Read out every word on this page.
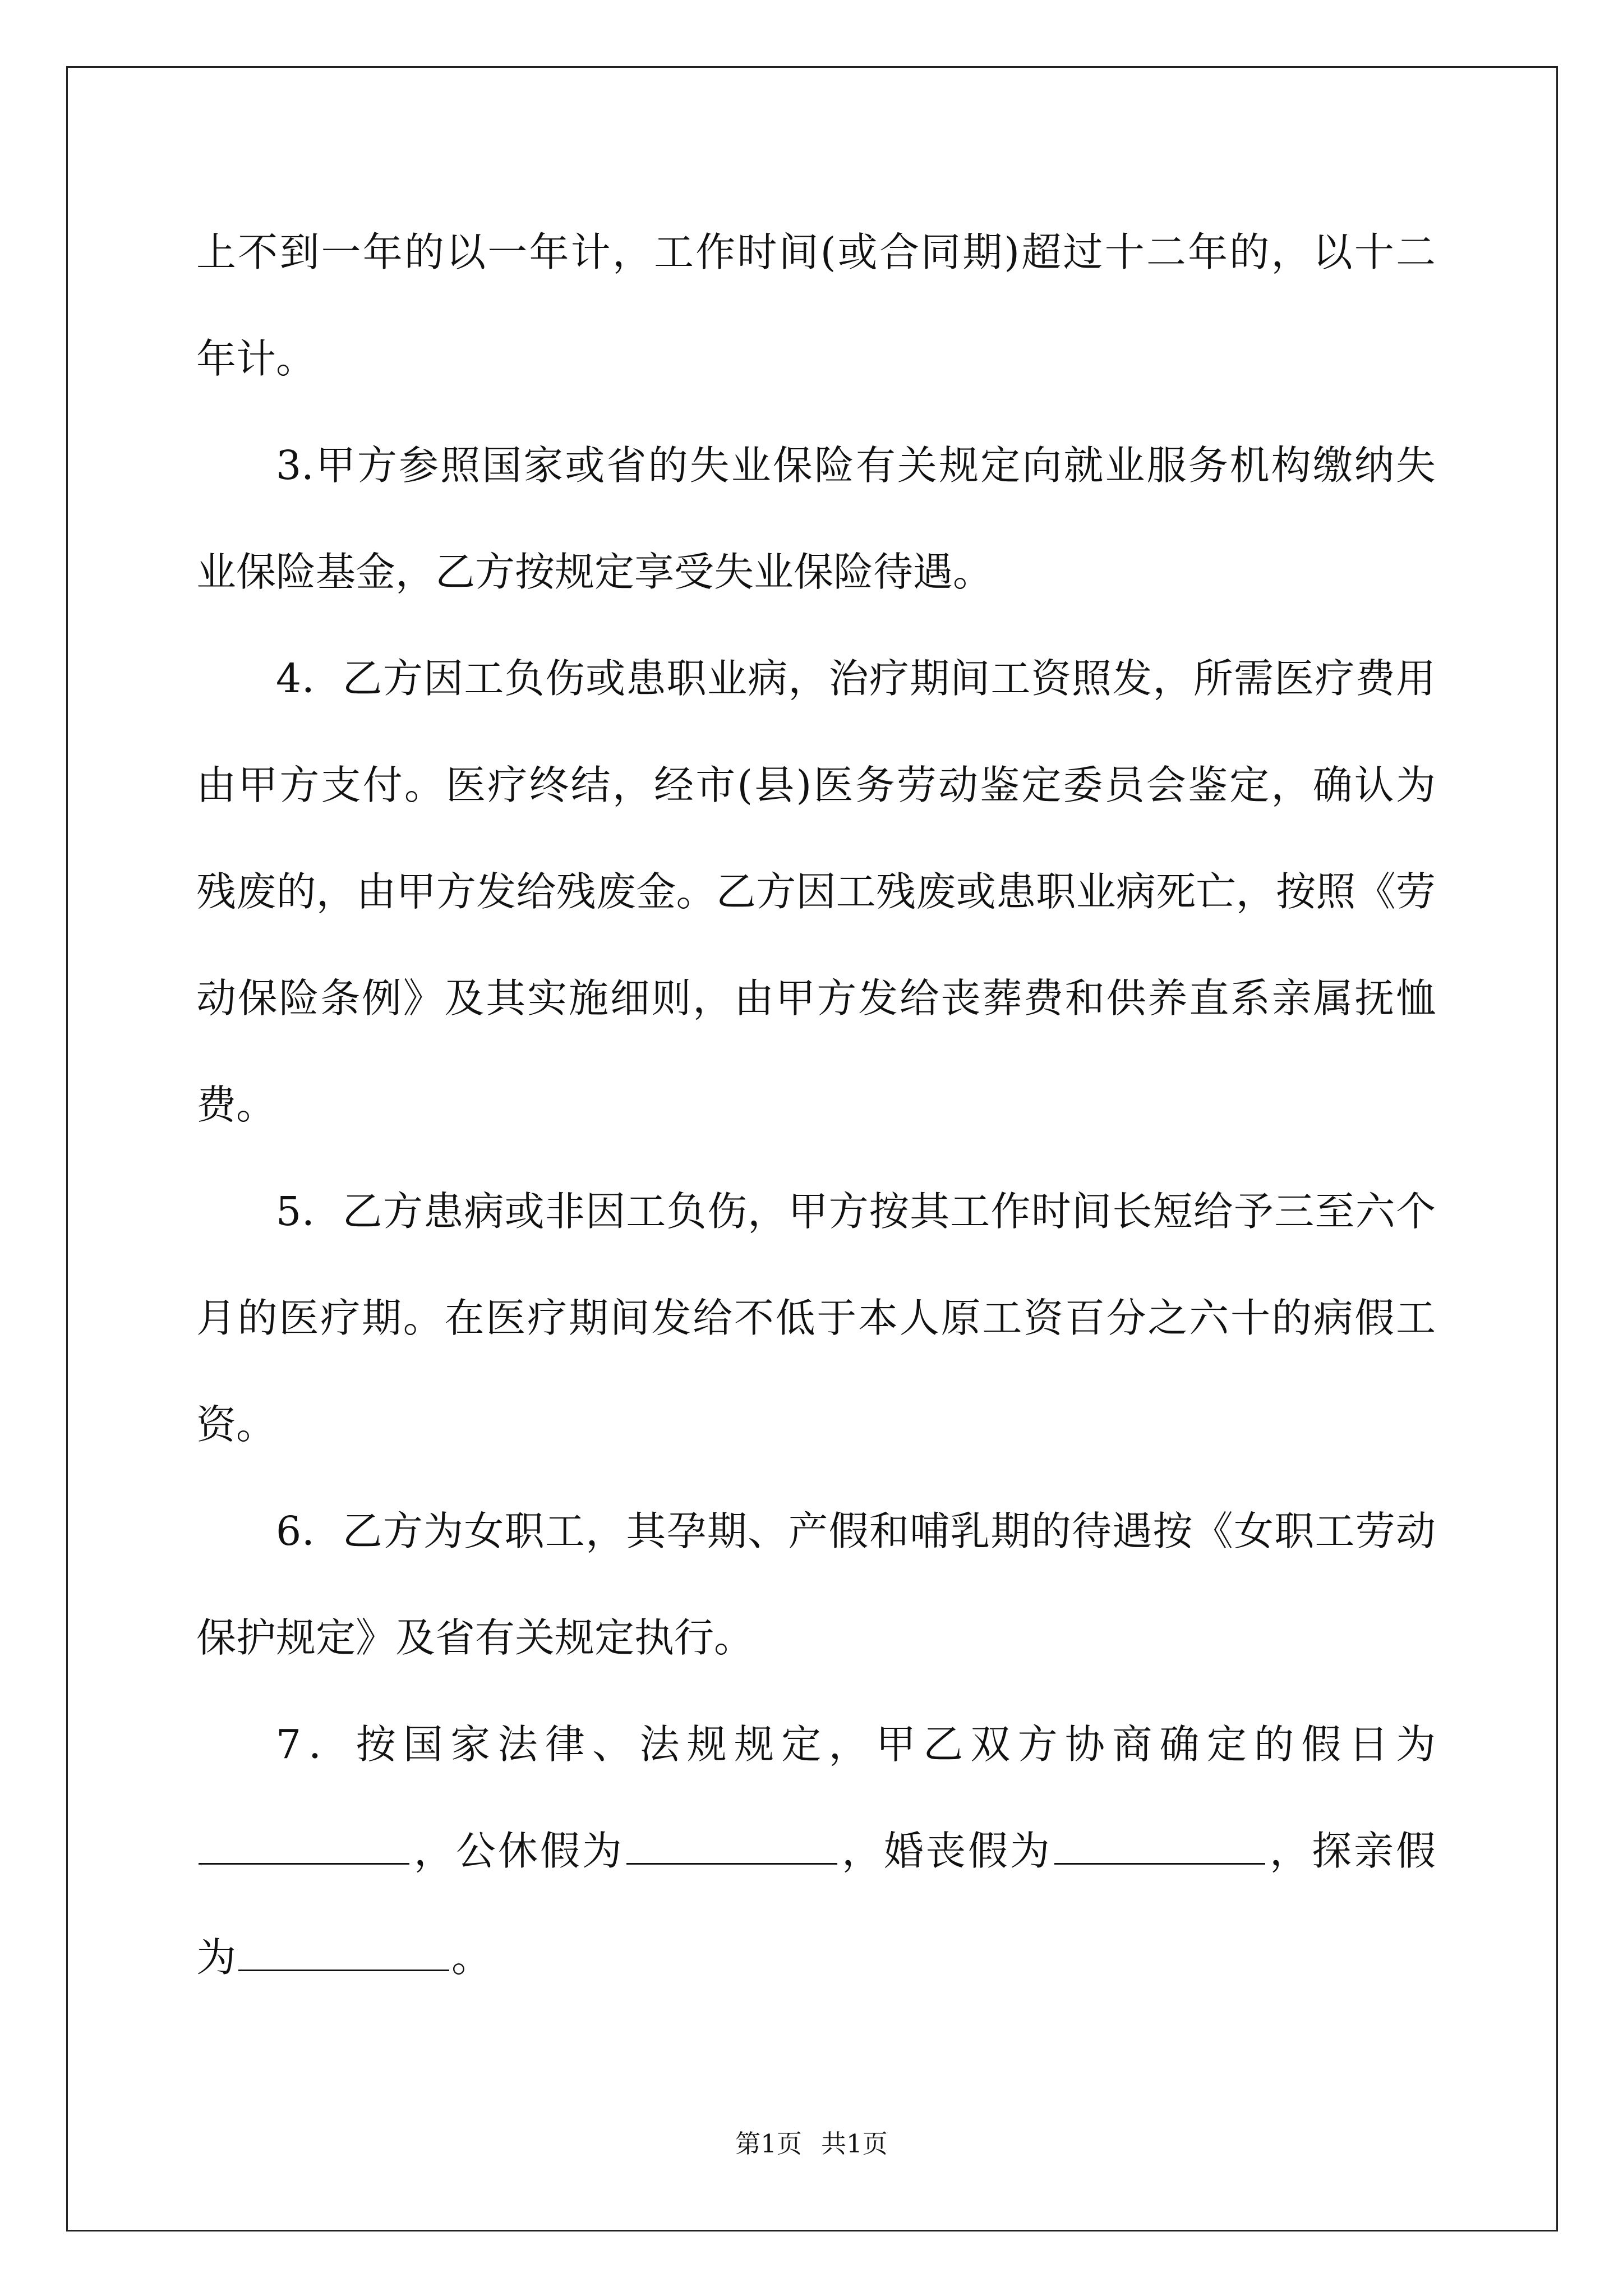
上不到一年的以一年计，工作时间(或合同期)超过十二年的，以十二
年计。
3.甲方参照国家或省的失业保险有关规定向就业服务机构缴纳失
业保险基金，乙方按规定享受失业保险待遇。
4．乙方因工负伤或患职业病，治疗期间工资照发，所需医疗费用
由甲方支付。医疗终结，经市(县)医务劳动鉴定委员会鉴定，确认为
残废的，由甲方发给残废金。乙方因工残废或患职业病死亡，按照《劳
动保险条例》及其实施细则，由甲方发给丧葬费和供养直系亲属抚恤
费。
5．乙方患病或非因工负伤，甲方按其工作时间长短给予三至六个
月的医疗期。在医疗期间发给不低于本人原工资百分之六十的病假工
资。
6．乙方为女职工，其孕期、产假和哺乳期的待遇按《女职工劳动
保护规定》及省有关规定执行。
7．按国家法律、法规规定，甲乙双方协商确定的假日为
，公休假为	，婚丧假为	，探亲假
为	。
第1页 共1页
